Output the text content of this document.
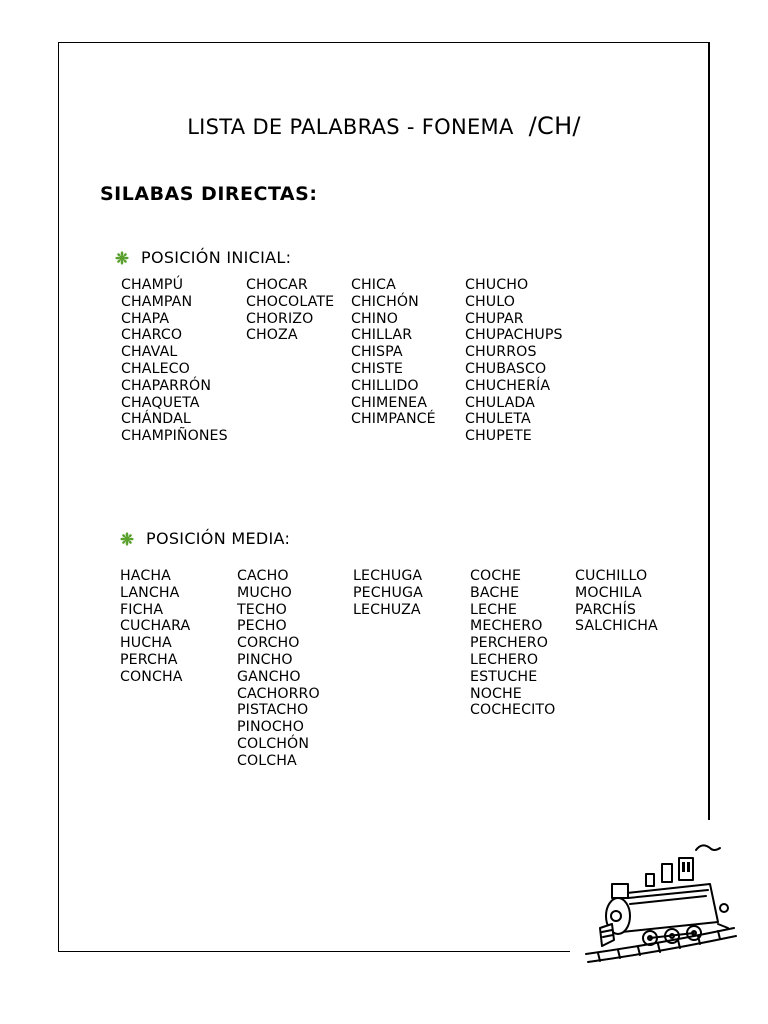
LISTA DE PALABRAS - FONEMA /CH/
SILABAS DIRECTAS:
POSICIÓN INICIAL:
CHAMPÚ
CHAMPAN
CHAPA
CHARCO
CHAVAL
CHALECO
CHAPARRÓN
CHAQUETA
CHÁNDAL
CHAMPIÑONES
CHOCAR
CHOCOLATE
CHORIZO
CHOZA
CHICA
CHICHÓN
CHINO
CHILLAR
CHISPA
CHISTE
CHILLIDO
CHIMENEA
CHIMPANCÉ
CHUCHO
CHULO
CHUPAR
CHUPACHUPS
CHURROS
CHUBASCO
CHUCHERÍA
CHULADA
CHULETA
CHUPETE
POSICIÓN MEDIA:
HACHA
LANCHA
FICHA
CUCHARA
HUCHA
PERCHA
CONCHA
CACHO
MUCHO
TECHO
PECHO
CORCHO
PINCHO
GANCHO
CACHORRO
PISTACHO
PINOCHO
COLCHÓN
COLCHA
LECHUGA
PECHUGA
LECHUZA
COCHE
BACHE
LECHE
MECHERO
PERCHERO
LECHERO
ESTUCHE
NOCHE
COCHECITO
CUCHILLO
MOCHILA
PARCHÍS
SALCHICHA
